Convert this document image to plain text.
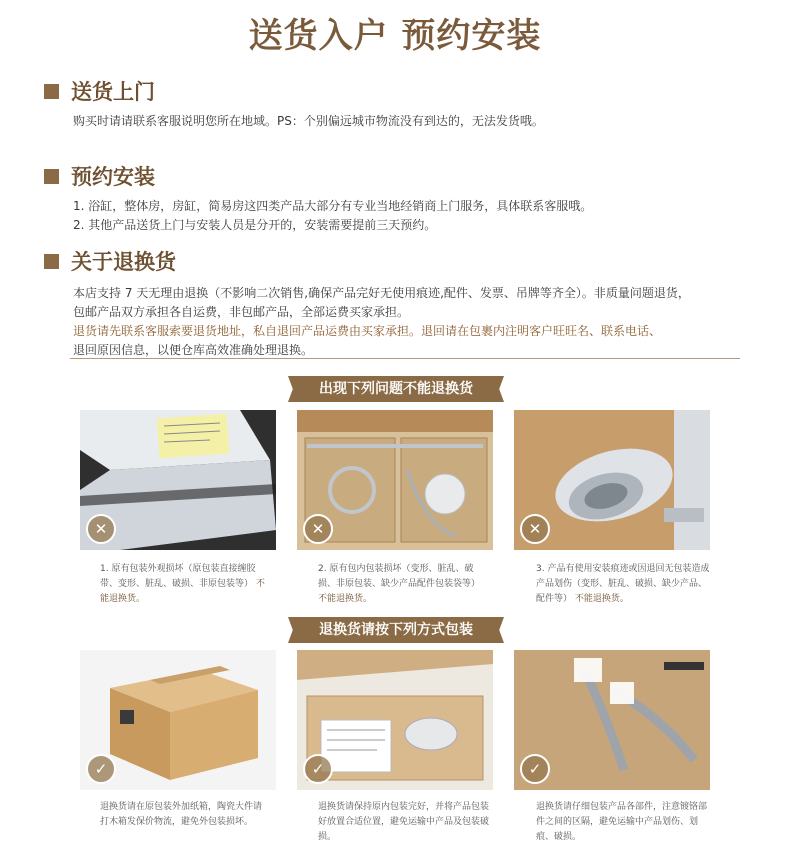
送货入户 预约安装
送货上门
购买时请请联系客服说明您所在地域。PS：个别偏远城市物流没有到达的，无法发货哦。
预约安装
1. 浴缸，整体房，房缸，简易房这四类产品大部分有专业当地经销商上门服务，具体联系客服哦。
2. 其他产品送货上门与安装人员是分开的，安装需要提前三天预约。
关于退换货
本店支持 7 天无理由退换（不影响二次销售,确保产品完好无使用痕迹,配件、发票、吊牌等齐全）。非质量问题退货，
包邮产品双方承担各自运费，非包邮产品，全部运费买家承担。
退货请先联系客服索要退货地址，私自退回产品运费由买家承担。退回请在包裹内注明客户旺旺名、联系电话、
退回原因信息，以便仓库高效准确处理退换。
出现下列问题不能退换货
✕	✕	✕
1. 原有包装外观损坏（原包装直接缠胶带、变形、脏乱、破损、非原包装等） 不能退换货。
2. 原有包内包装损坏（变形、脏乱、破损、非原包装、缺少产品配件包装袋等） 不能退换货。
3. 产品有使用安装痕迹或因退回无包装造成产品划伤（变形、脏乱、破损、缺少产品、配件等） 不能退换货。
退换货请按下列方式包装
✓	✓	✓
退换货请在原包装外加纸箱，陶瓷大件请打木箱发保价物流，避免外包装损坏。
退换货请保持原内包装完好，并将产品包装好放置合适位置，避免运输中产品及包装破损。
退换货请仔细包装产品各部件，注意镀铬部件之间的区隔，避免运输中产品划伤、划痕、破损。
